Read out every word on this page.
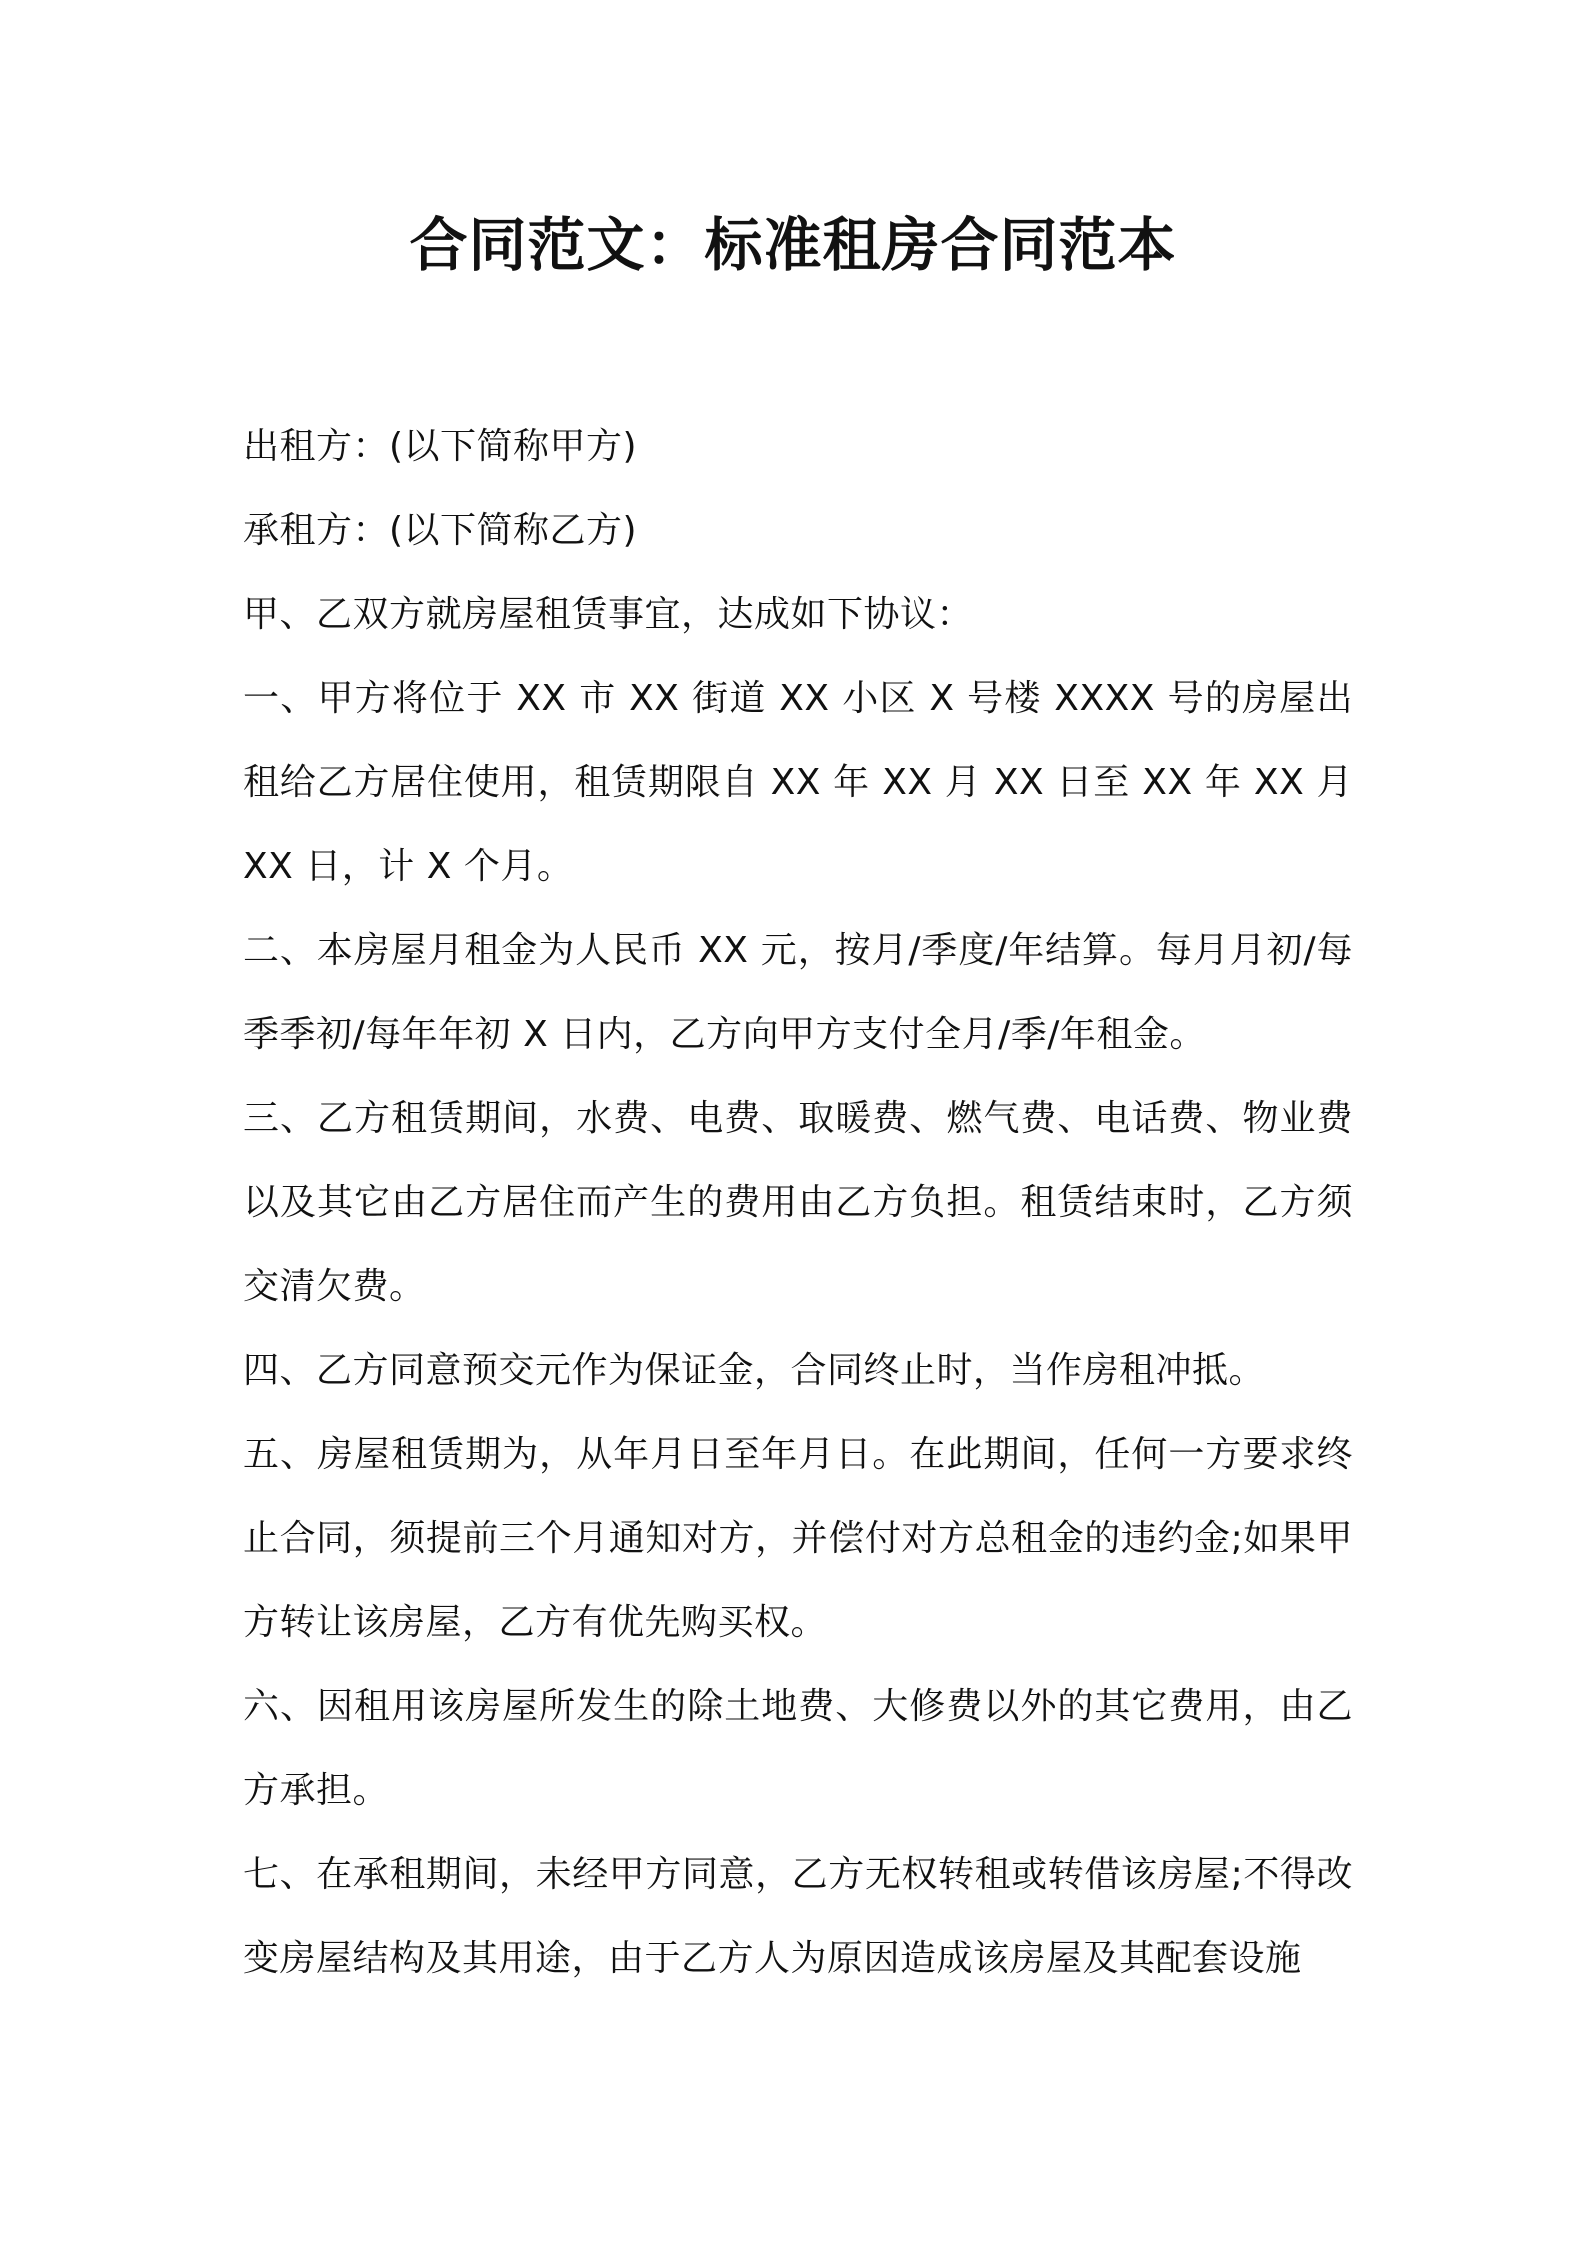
合同范文：标准租房合同范本

出租方：(以下简称甲方)

承租方：(以下简称乙方)

甲、乙双方就房屋租赁事宜，达成如下协议：

一、甲方将位于 XX 市 XX 街道 XX 小区 X 号楼 XXXX 号的房屋出租给乙方居住使用，租赁期限自 XX 年 XX 月 XX 日至 XX 年 XX 月 XX 日，计 X 个月。

二、本房屋月租金为人民币 XX 元，按月/季度/年结算。每月月初/每季季初/每年年初 X 日内，乙方向甲方支付全月/季/年租金。

三、乙方租赁期间，水费、电费、取暖费、燃气费、电话费、物业费以及其它由乙方居住而产生的费用由乙方负担。租赁结束时，乙方须交清欠费。

四、乙方同意预交元作为保证金，合同终止时，当作房租冲抵。

五、房屋租赁期为，从年月日至年月日。在此期间，任何一方要求终止合同，须提前三个月通知对方，并偿付对方总租金的违约金;如果甲方转让该房屋，乙方有优先购买权。

六、因租用该房屋所发生的除土地费、大修费以外的其它费用，由乙方承担。

七、在承租期间，未经甲方同意，乙方无权转租或转借该房屋;不得改变房屋结构及其用途，由于乙方人为原因造成该房屋及其配套设施
